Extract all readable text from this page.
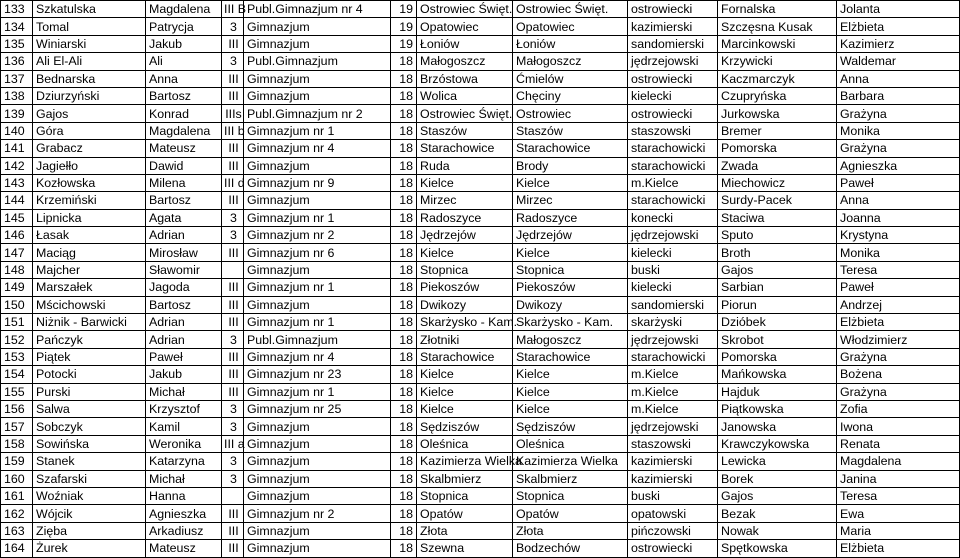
133	Szkatulska	Magdalena	III B	Publ.Gimnazjum nr 4	19	Ostrowiec Święt.	Ostrowiec Święt.	ostrowiecki	Fornalska	Jolanta
134	Tomal	Patrycja	3	Gimnazjum	19	Opatowiec	Opatowiec	kazimierski	Szczęsna Kusak	Elżbieta
135	Winiarski	Jakub	III	Gimnazjum	19	Łoniów	Łoniów	sandomierski	Marcinkowski	Kazimierz
136	Ali El-Ali	Ali	3	Publ.Gimnazjum	18	Małogoszcz	Małogoszcz	jędrzejowski	Krzywicki	Waldemar
137	Bednarska	Anna	III	Gimnazjum	18	Brzóstowa	Ćmielów	ostrowiecki	Kaczmarczyk	Anna
138	Dziurzyński	Bartosz	III	Gimnazjum	18	Wolica	Chęciny	kielecki	Czupryńska	Barbara
139	Gajos	Konrad	IIIs	Publ.Gimnazjum nr 2	18	Ostrowiec Święt.	Ostrowiec	ostrowiecki	Jurkowska	Grażyna
140	Góra	Magdalena	III b	Gimnazjum nr 1	18	Staszów	Staszów	staszowski	Bremer	Monika
141	Grabacz	Mateusz	III	Gimnazjum nr 4	18	Starachowice	Starachowice	starachowicki	Pomorska	Grażyna
142	Jagiełło	Dawid	III	Gimnazjum	18	Ruda	Brody	starachowicki	Zwada	Agnieszka
143	Kozłowska	Milena	III d	Gimnazjum nr 9	18	Kielce	Kielce	m.Kielce	Miechowicz	Paweł
144	Krzemiński	Bartosz	III	Gimnazjum	18	Mirzec	Mirzec	starachowicki	Surdy-Pacek	Anna
145	Lipnicka	Agata	3	Gimnazjum nr 1	18	Radoszyce	Radoszyce	konecki	Staciwa	Joanna
146	Łasak	Adrian	3	Gimnazjum nr 2	18	Jędrzejów	Jędrzejów	jędrzejowski	Sputo	Krystyna
147	Maciąg	Mirosław	III	Gimnazjum nr 6	18	Kielce	Kielce	kielecki	Broth	Monika
148	Majcher	Sławomir		Gimnazjum	18	Stopnica	Stopnica	buski	Gajos	Teresa
149	Marszałek	Jagoda	III	Gimnazjum nr 1	18	Piekoszów	Piekoszów	kielecki	Sarbian	Paweł
150	Mścichowski	Bartosz	III	Gimnazjum	18	Dwikozy	Dwikozy	sandomierski	Piorun	Andrzej
151	Niżnik - Barwicki	Adrian	III	Gimnazjum nr 1	18	Skarżysko - Kam.	Skarżysko - Kam.	skarżyski	Dzióbek	Elżbieta
152	Pańczyk	Adrian	3	Publ.Gimnazjum	18	Złotniki	Małogoszcz	jędrzejowski	Skrobot	Włodzimierz
153	Piątek	Paweł	III	Gimnazjum nr 4	18	Starachowice	Starachowice	starachowicki	Pomorska	Grażyna
154	Potocki	Jakub	III	Gimnazjum nr 23	18	Kielce	Kielce	m.Kielce	Mańkowska	Bożena
155	Purski	Michał	III	Gimnazjum nr 1	18	Kielce	Kielce	m.Kielce	Hajduk	Grażyna
156	Salwa	Krzysztof	3	Gimnazjum nr 25	18	Kielce	Kielce	m.Kielce	Piątkowska	Zofia
157	Sobczyk	Kamil	3	Gimnazjum	18	Sędziszów	Sędziszów	jędrzejowski	Janowska	Iwona
158	Sowińska	Weronika	III a	Gimnazjum	18	Oleśnica	Oleśnica	staszowski	Krawczykowska	Renata
159	Stanek	Katarzyna	3	Gimnazjum	18	Kazimierza Wielka	Kazimierza Wielka	kazimierski	Lewicka	Magdalena
160	Szafarski	Michał	3	Gimnazjum	18	Skalbmierz	Skalbmierz	kazimierski	Borek	Janina
161	Woźniak	Hanna		Gimnazjum	18	Stopnica	Stopnica	buski	Gajos	Teresa
162	Wójcik	Agnieszka	III	Gimnazjum nr 2	18	Opatów	Opatów	opatowski	Bezak	Ewa
163	Zięba	Arkadiusz	III	Gimnazjum	18	Złota	Złota	pińczowski	Nowak	Maria
164	Żurek	Mateusz	III	Gimnazjum	18	Szewna	Bodzechów	ostrowiecki	Spętkowska	Elżbieta
